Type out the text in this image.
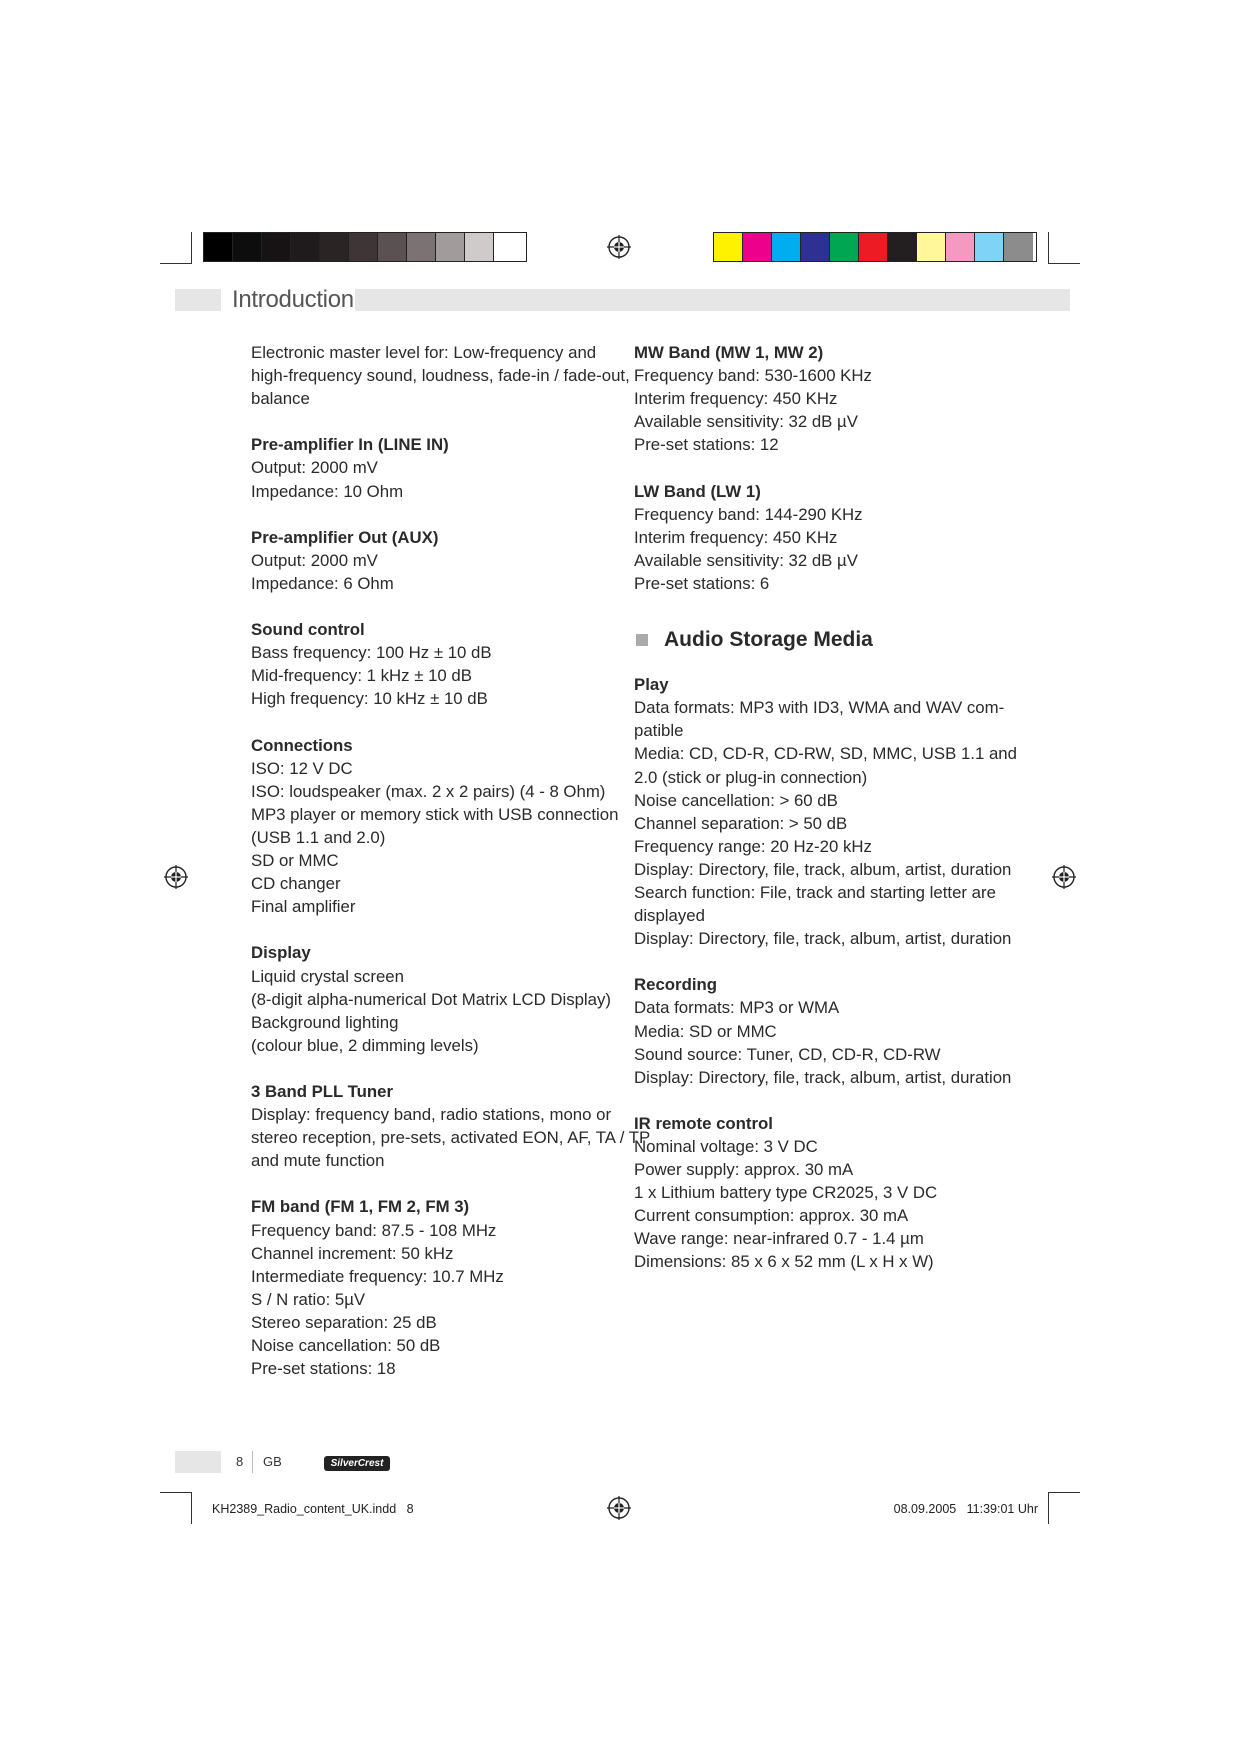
Introduction
Electronic master level for: Low-frequency and
high-frequency sound, loudness, fade-in / fade-out,
balance
Pre-amplifier In (LINE IN)
Output: 2000 mV
Impedance: 10 Ohm
Pre-amplifier Out (AUX)
Output: 2000 mV
Impedance: 6 Ohm
Sound control
Bass frequency: 100 Hz ± 10 dB
Mid-frequency: 1 kHz ± 10 dB
High frequency: 10 kHz ± 10 dB
Connections
ISO: 12 V DC
ISO: loudspeaker (max. 2 x 2 pairs) (4 - 8 Ohm)
MP3 player or memory stick with USB connection
(USB 1.1 and 2.0)
SD or MMC
CD changer
Final amplifier
Display
Liquid crystal screen
(8-digit alpha-numerical Dot Matrix LCD Display)
Background lighting
(colour blue, 2 dimming levels)
3 Band PLL Tuner
Display: frequency band, radio stations, mono or
stereo reception, pre-sets, activated EON, AF, TA / TP
and mute function
FM band (FM 1, FM 2, FM 3)
Frequency band: 87.5 - 108 MHz
Channel increment: 50 kHz
Intermediate frequency: 10.7 MHz
S / N ratio: 5µV
Stereo separation: 25 dB
Noise cancellation: 50 dB
Pre-set stations: 18
MW Band (MW 1, MW 2)
Frequency band: 530-1600 KHz
Interim frequency: 450 KHz
Available sensitivity: 32 dB µV
Pre-set stations: 12
LW Band (LW 1)
Frequency band: 144-290 KHz
Interim frequency: 450 KHz
Available sensitivity: 32 dB µV
Pre-set stations: 6
Audio Storage Media
Play
Data formats: MP3 with ID3, WMA and WAV com-
patible
Media: CD, CD-R, CD-RW, SD, MMC, USB 1.1 and
2.0 (stick or plug-in connection)
Noise cancellation: > 60 dB
Channel separation: > 50 dB
Frequency range: 20 Hz-20 kHz
Display: Directory, file, track, album, artist, duration
Search function: File, track and starting letter are
displayed
Display: Directory, file, track, album, artist, duration
Recording
Data formats: MP3 or WMA
Media: SD or MMC
Sound source: Tuner, CD, CD-R, CD-RW
Display: Directory, file, track, album, artist, duration
IR remote control
Nominal voltage: 3 V DC
Power supply: approx. 30 mA
1 x Lithium battery type CR2025, 3 V DC
Current consumption: approx. 30 mA
Wave range: near-infrared 0.7 - 1.4 µm
Dimensions: 85 x 6 x 52 mm (L x H x W)
8 GB	SilverCrest
KH2389_Radio_content_UK.indd   8	08.09.2005   11:39:01 Uhr
